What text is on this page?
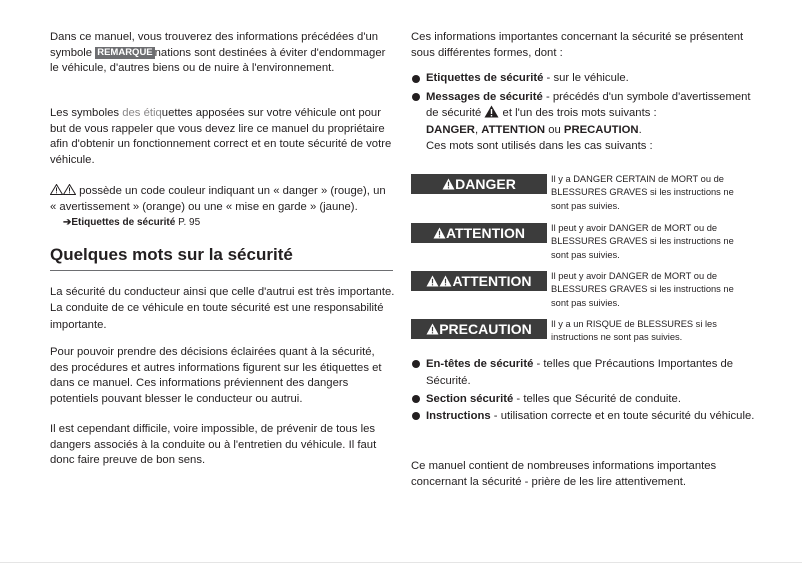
Dans ce manuel, vous trouverez des informations précédées d'un symbole REMARQUE nations sont destinées à éviter d'endommager le véhicule, d'autres biens ou de nuire à l'environnement.

Les symboles des étiquettes apposées sur votre véhicule ont pour but de vous rappeler que vous devez lire ce manuel du propriétaire afin d'obtenir un fonctionnement correct et en toute sécurité de votre véhicule.

possède un code couleur indiquant un « danger » (rouge), un « avertissement » (orange) ou une « mise en garde » (jaune).

➔Etiquettes de sécurité P. 95
Quelques mots sur la sécurité

La sécurité du conducteur ainsi que celle d'autrui est très importante. La conduite de ce véhicule en toute sécurité est une responsabilité importante.

Pour pouvoir prendre des décisions éclairées quant à la sécurité, des procédures et autres informations figurent sur les étiquettes et dans ce manuel. Ces informations préviennent des dangers potentiels pouvant blesser le conducteur ou autrui.

Il est cependant difficile, voire impossible, de prévenir de tous les dangers associés à la conduite ou à l'entretien du véhicule. Il faut donc faire preuve de bon sens.

Ces informations importantes concernant la sécurité se présentent sous différentes formes, dont :

Etiquettes de sécurité - sur le véhicule.
Messages de sécurité - précédés d'un symbole d'avertissement de sécurité  et l'un des trois mots suivants :
DANGER, ATTENTION ou PRECAUTION.
Ces mots sont utilisés dans les cas suivants :
DANGER	Il y a DANGER CERTAIN de MORT ou de BLESSURES GRAVES si les instructions ne sont pas suivies.
ATTENTION	Il peut y avoir DANGER de MORT ou de BLESSURES GRAVES si les instructions ne sont pas suivies.
ATTENTION	Il peut y avoir DANGER de MORT ou de BLESSURES GRAVES si les instructions ne sont pas suivies.
PRECAUTION	Il y a un RISQUE de BLESSURES si les instructions ne sont pas suivies.
En-têtes de sécurité - telles que Précautions Importantes de Sécurité.
Section sécurité - telles que Sécurité de conduite.
Instructions - utilisation correcte et en toute sécurité du véhicule.

Ce manuel contient de nombreuses informations importantes concernant la sécurité - prière de les lire attentivement.
